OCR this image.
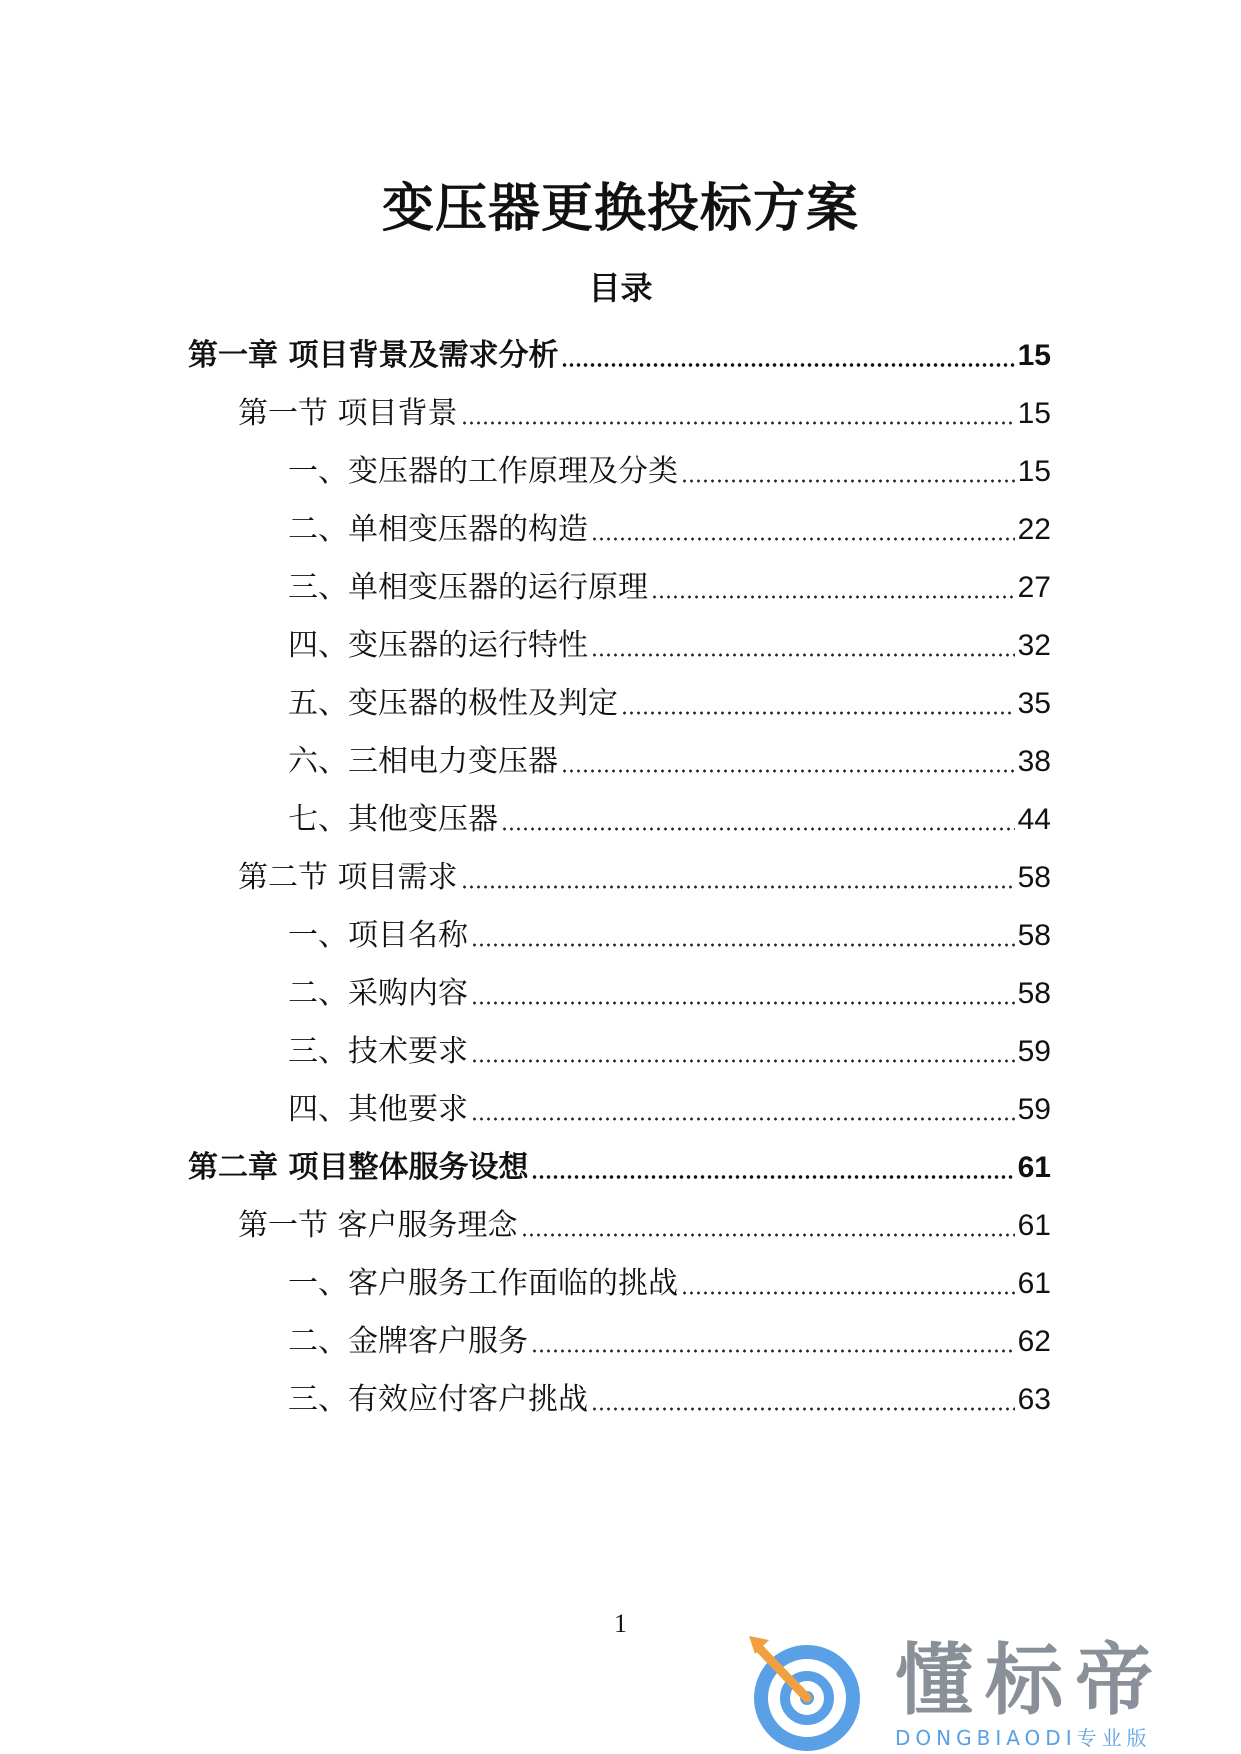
变压器更换投标方案
目录
第一章 项目背景及需求分析	15
第一节 项目背景	15
一、变压器的工作原理及分类	15
二、单相变压器的构造	22
三、单相变压器的运行原理	27
四、变压器的运行特性	32
五、变压器的极性及判定	35
六、三相电力变压器	38
七、其他变压器	44
第二节 项目需求	58
一、项目名称	58
二、采购内容	58
三、技术要求	59
四、其他要求	59
第二章 项目整体服务设想	61
第一节 客户服务理念	61
一、客户服务工作面临的挑战	61
二、金牌客户服务	62
三、有效应付客户挑战	63
1
懂标帝
DONGBIAODI专业版
